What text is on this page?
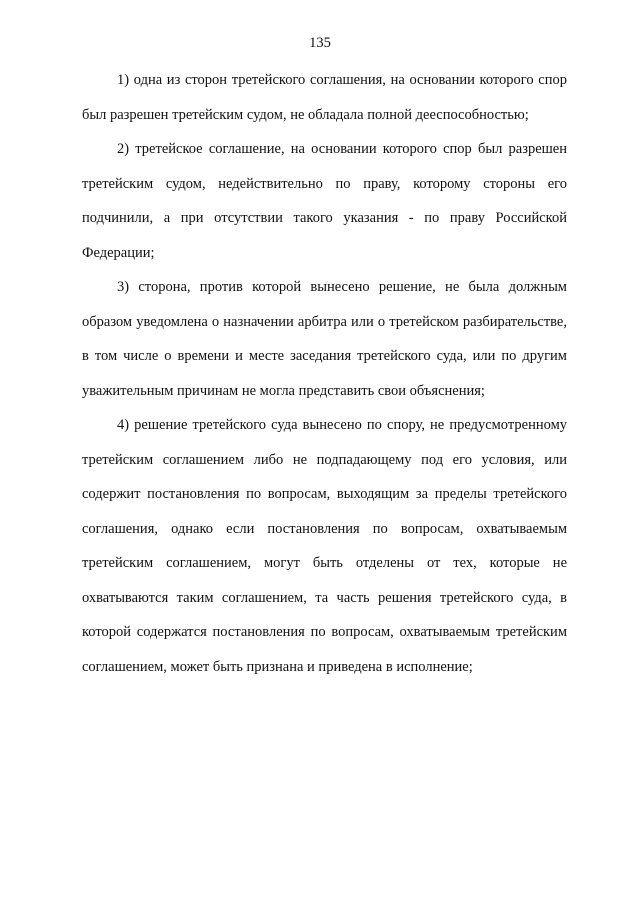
135

1) одна из сторон третейского соглашения, на основании которого спор был разрешен третейским судом, не обладала полной дееспособностью;

2) третейское соглашение, на основании которого спор был разрешен третейским судом, недействительно по праву, которому стороны его подчинили, а при отсутствии такого указания - по праву Российской Федерации;

3) сторона, против которой вынесено решение, не была должным образом уведомлена о назначении арбитра или о третейском разбирательстве, в том числе о времени и месте заседания третейского суда, или по другим уважительным причинам не могла представить свои объяснения;

4) решение третейского суда вынесено по спору, не предусмотренному третейским соглашением либо не подпадающему под его условия, или содержит постановления по вопросам, выходящим за пределы третейского соглашения, однако если постановления по вопросам, охватываемым третейским соглашением, могут быть отделены от тех, которые не охватываются таким соглашением, та часть решения третейского суда, в которой содержатся постановления по вопросам, охватываемым третейским соглашением, может быть признана и приведена в исполнение;
